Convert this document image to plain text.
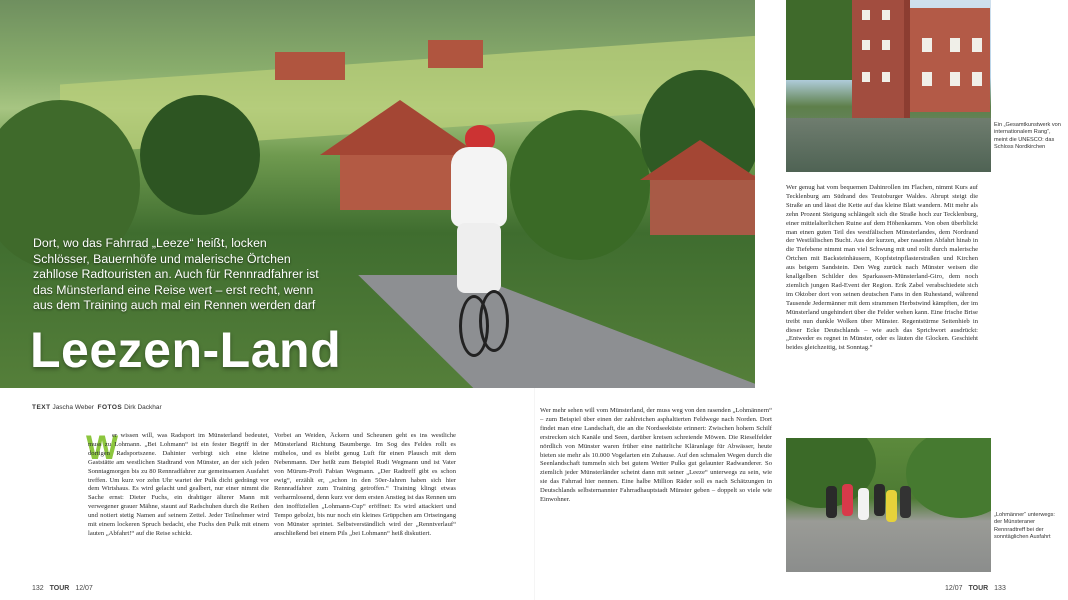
Dort, wo das Fahrrad „Leeze“ heißt, locken Schlösser, Bauernhöfe und malerische Örtchen zahllose Radtouristen an. Auch für Rennradfahrer ist das Münsterland eine Reise wert – erst recht, wenn aus dem Training auch mal ein Rennen werden darf

Leezen-Land
TEXT Jascha Weber FOTOS Dirk Dackhar
W
er wissen will, was Radsport im Münsterland bedeutet, muss zu Lohmann. „Bei Lohmann“ ist ein fester Begriff in der dortigen Radsportszene. Dahinter verbirgt sich eine kleine Gaststätte am westlichen Stadtrand von Münster, an der sich jeden Sonntagmorgen bis zu 80 Rennradfahrer zur gemeinsamen Ausfahrt treffen. Um kurz vor zehn Uhr wartet der Pulk dicht gedrängt vor dem Wirtshaus. Es wird gelacht und gealbert, nur einer nimmt die Sache ernst: Dieter Fuchs, ein drahtiger älterer Mann mit verwegener grauer Mähne, staunt auf Radschuhen durch die Reihen und notiert stetig Namen auf seinem Zettel. Jeder Teilnehmer wird mit einem lockeren Spruch bedacht, ehe Fuchs den Pulk mit einem lauten „Abfahrt!“ auf die Reise schickt.
Vorbei an Weiden, Äckern und Scheunen geht es ins westliche Münsterland Richtung Baumberge. Im Sog des Feldes rollt es mühelos, und es bleibt genug Luft für einen Plausch mit dem Nebenmann. Der heißt zum Beispiel Rudi Wegmann und ist Vater von Mürum-Profi Fabian Wegmann. „Der Radtreff gibt es schon ewig“, erzählt er, „schon in den 50er-Jahren haben sich hier Rennradfahrer zum Training getroffen.“ Training klingt etwas verharmlosend, denn kurz vor dem ersten Anstieg ist das Rennen um den inoffiziellen „Lohmann-Cup“ eröffnet: Es wird attackiert und Tempo gebolzt, bis nur noch ein kleines Grüppchen am Ortseingang von Münster sprintet. Selbstverständlich wird der „Renntverlauf“ anschließend bei einem Pils „bei Lohmann“ heiß diskutiert.
Wer mehr sehen will vom Münsterland, der muss weg von den rasenden „Lohmännern“ – zum Beispiel über einen der zahlreichen asphaltierten Feldwege nach Norden. Dort findet man eine Landschaft, die an die Nordseeküste erinnert: Zwischen hohem Schilf erstrecken sich Kanäle und Seen, darüber kreisen schreiende Möwen. Die Rieselfelder nördlich von Münster waren früher eine natürliche Kläranlage für Abwässer, heute bieten sie mehr als 10.000 Vogelarten ein Zuhause. Auf den schmalen Wegen durch die Seenlandschaft tummeln sich bei gutem Wetter Pulks gut gelaunter Radwanderer. So ziemlich jeder Münsterländer scheint dann mit seiner „Leeze“ unterwegs zu sein, wie sie das Fahrrad hier nennen. Eine halbe Million Räder soll es nach Schätzungen in Deutschlands selbsternannter Fahrradhauptstadt Münster geben – doppelt so viele wie Einwohner.
Wer genug hat vom bequemen Dahinrollen im Flachen, nimmt Kurs auf Tecklenburg am Südrand des Teutoburger Waldes. Abrupt steigt die Straße an und lässt die Kette auf das kleine Blatt wandern. Mit mehr als zehn Prozent Steigung schlängelt sich die Straße hoch zur Tecklenburg, einer mittelalterlichen Ruine auf dem Höhenkamm. Von oben überblickt man einen guten Teil des westfälischen Münsterlandes, dem Nordrand der Westfälischen Bucht. Aus der kurzen, aber rasanten Abfahrt hinab in die Tiefebene nimmt man viel Schwung mit und rollt durch malerische Örtchen mit Backsteinhäusern, Kopfsteinpflasterstraßen und Kirchen aus beigem Sandstein. Den Weg zurück nach Münster weisen die knallgelben Schilder des Sparkassen-Münsterland-Giro, dem noch ziemlich jungen Rad-Event der Region. Erik Zabel verabschiedete sich im Oktober dort von seinen deutschen Fans in den Ruhestand, während Tausende Jedermänner mit dem strammen Herbstwind kämpften, der im Münsterland ungehindert über die Felder wehen kann. Eine frische Brise treibt nun dunkle Wolken über Münster. Regentstürme Seitenhieb in dieser Ecke Deutschlands – wie auch das Sprichwort ausdrückt: „Entweder es regnet in Münster, oder es läuten die Glocken. Geschieht beides gleichzeitig, ist Sonntag.“

Ein „Gesamtkunstwerk von internationalem Rang“, meint die UNESCO: das Schloss Nordkirchen

„Lohmänner“ unterwegs: der Münsteraner Rennradtreff bei der sonntäglichen Ausfahrt

132 TOUR 12/07	12/07 TOUR 133
